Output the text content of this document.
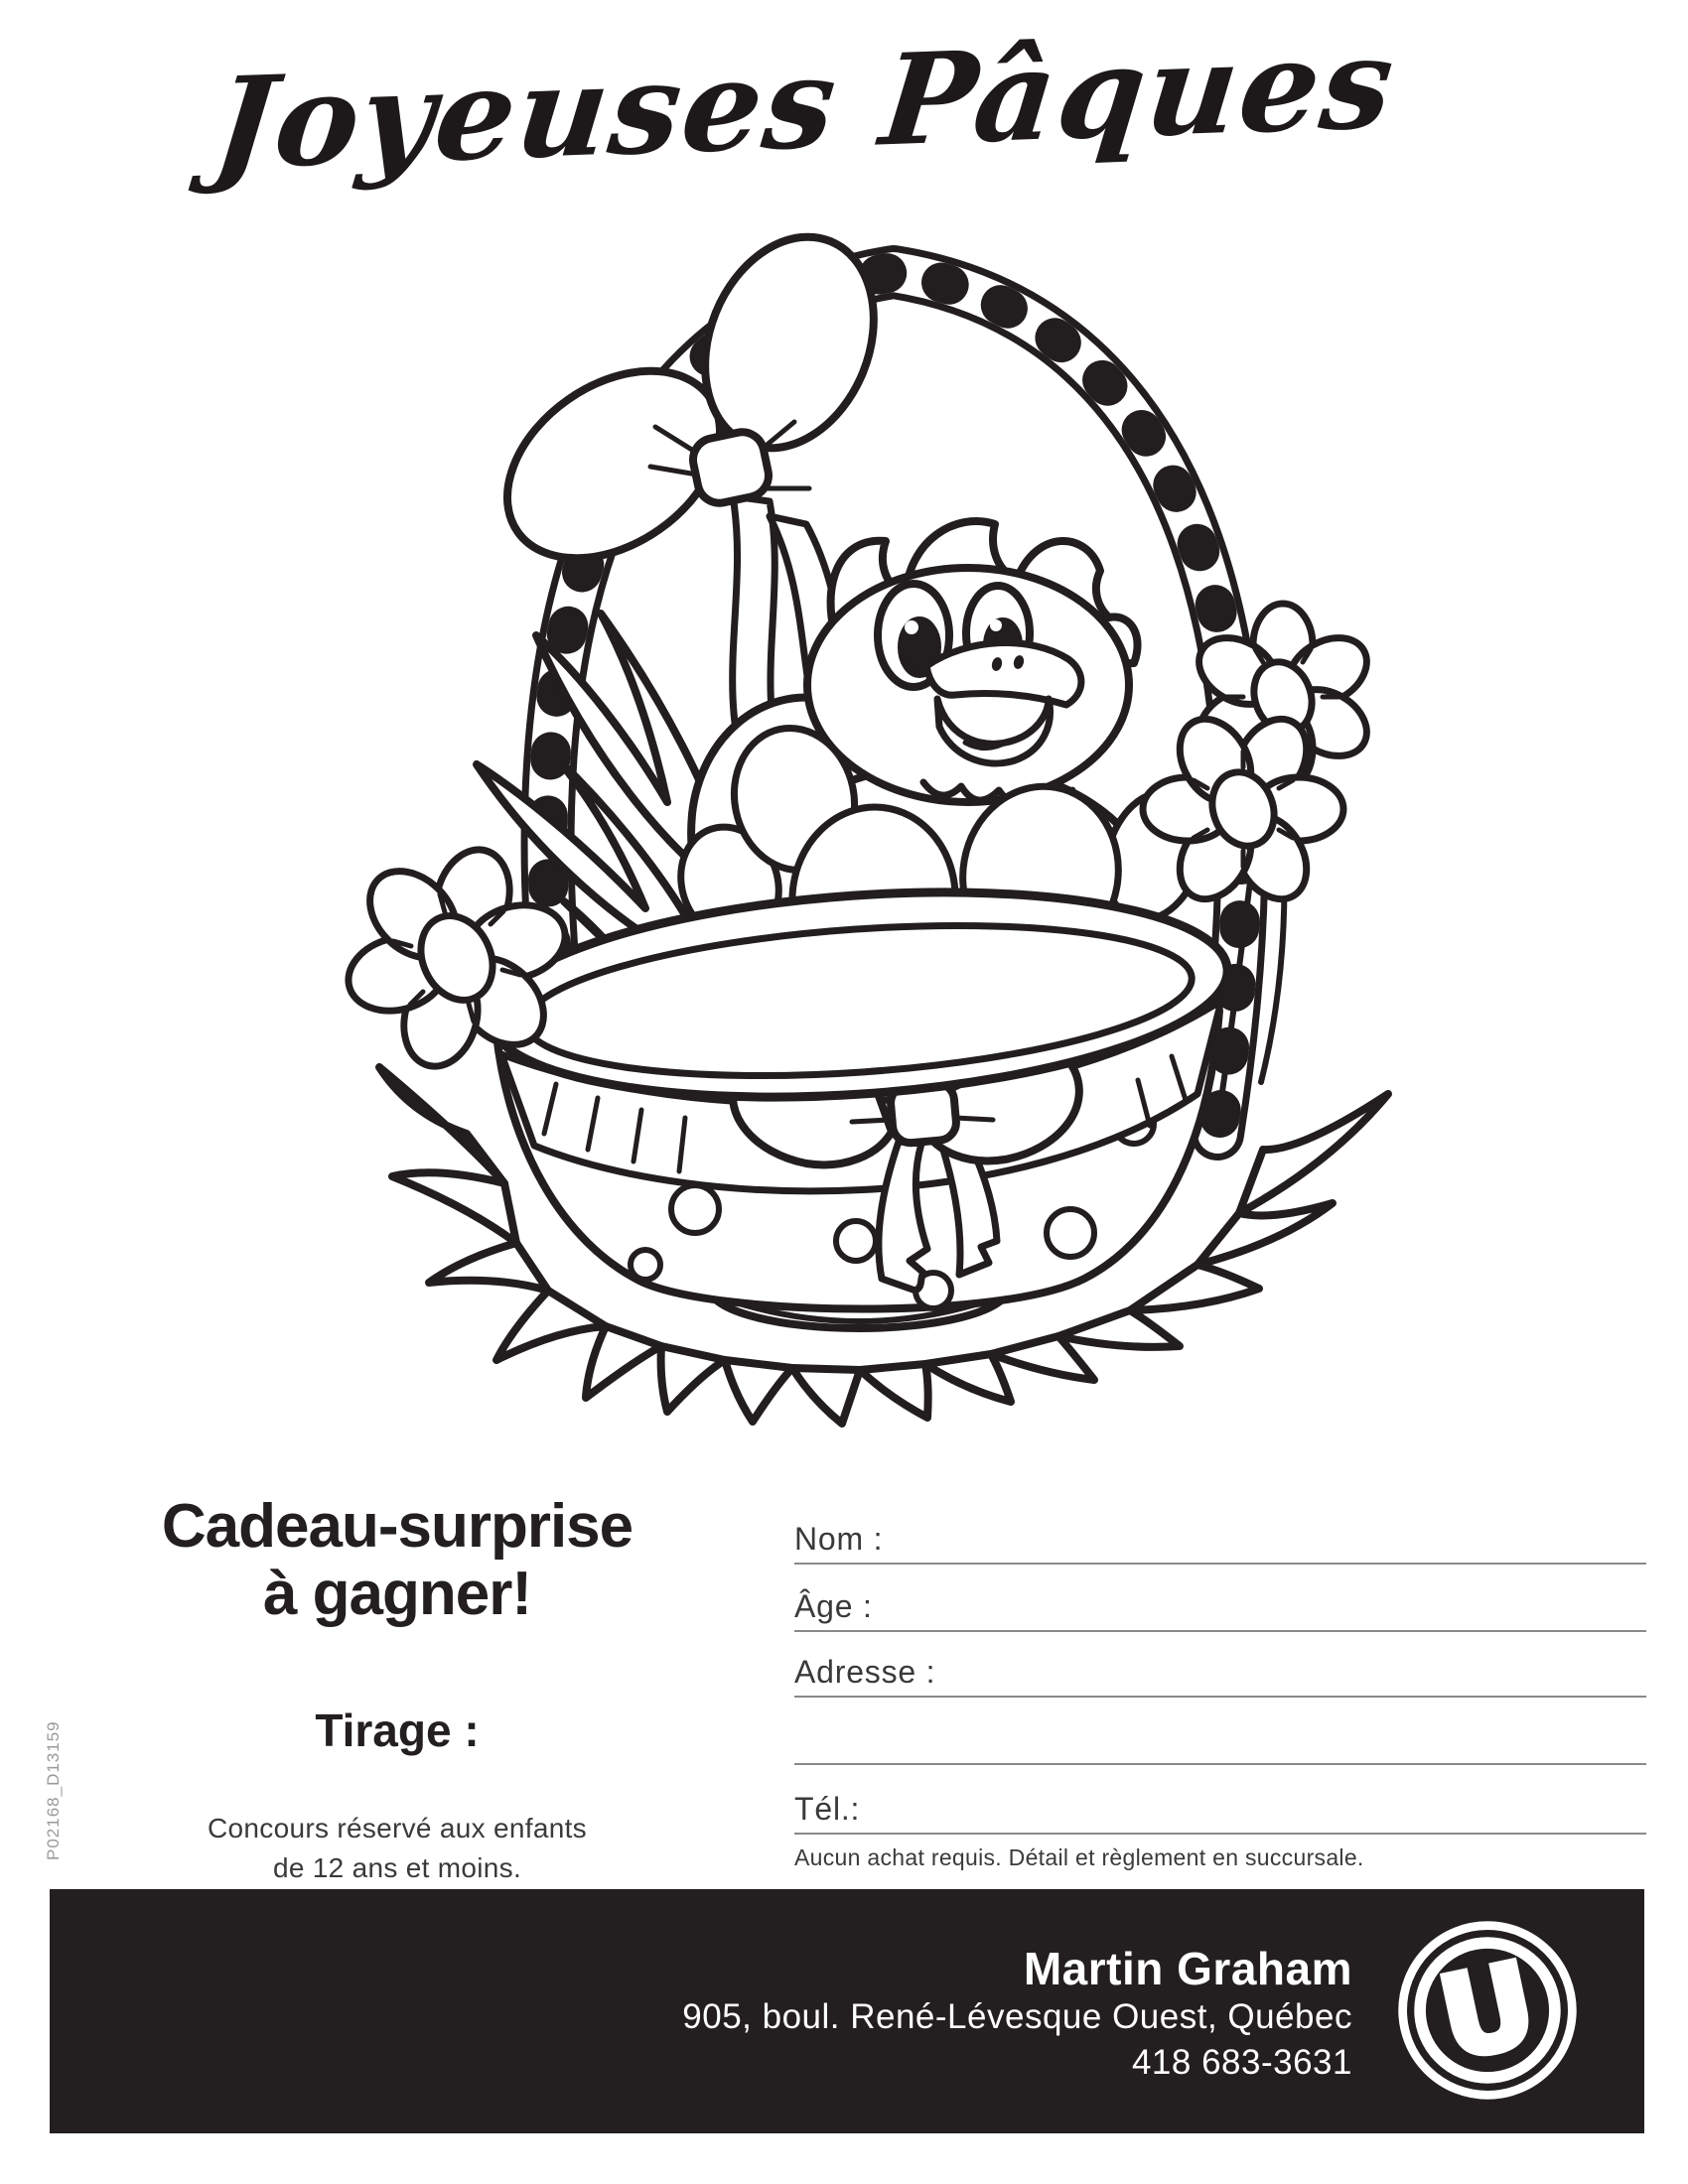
Joyeuses Pâques
Cadeau-surprise
à gagner!
Tirage :
Concours réservé aux enfants
de 12 ans et moins.
Nom :
Âge :
Adresse :
Tél.:
Aucun achat requis. Détail et règlement en succursale.
P02168_D13159
Martin Graham
905, boul. René-Lévesque Ouest, Québec
418 683-3631 U
